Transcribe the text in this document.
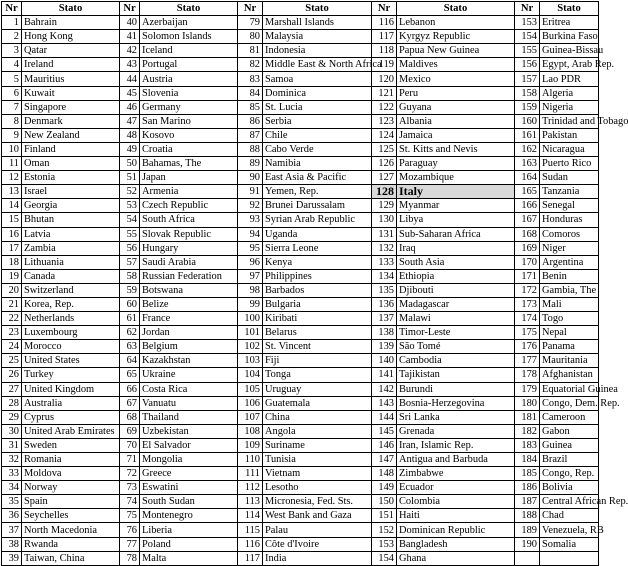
Nr	Stato	Nr	Stato	Nr	Stato	Nr	Stato	Nr	Stato
1	Bahrain	40	Azerbaijan	79	Marshall Islands	116	Lebanon	153	Eritrea
2	Hong Kong	41	Solomon Islands	80	Malaysia	117	Kyrgyz Republic	154	Burkina Faso
3	Qatar	42	Iceland	81	Indonesia	118	Papua New Guinea	155	Guinea-Bissau
4	Ireland	43	Portugal	82	Middle East & North Africa	119	Maldives	156	Egypt, Arab Rep.
5	Mauritius	44	Austria	83	Samoa	120	Mexico	157	Lao PDR
6	Kuwait	45	Slovenia	84	Dominica	121	Peru	158	Algeria
7	Singapore	46	Germany	85	St. Lucia	122	Guyana	159	Nigeria
8	Denmark	47	San Marino	86	Serbia	123	Albania	160	Trinidad and Tobago
9	New Zealand	48	Kosovo	87	Chile	124	Jamaica	161	Pakistan
10	Finland	49	Croatia	88	Cabo Verde	125	St. Kitts and Nevis	162	Nicaragua
11	Oman	50	Bahamas, The	89	Namibia	126	Paraguay	163	Puerto Rico
12	Estonia	51	Japan	90	East Asia & Pacific	127	Mozambique	164	Sudan
13	Israel	52	Armenia	91	Yemen, Rep.	128	Italy	165	Tanzania
14	Georgia	53	Czech Republic	92	Brunei Darussalam	129	Myanmar	166	Senegal
15	Bhutan	54	South Africa	93	Syrian Arab Republic	130	Libya	167	Honduras
16	Latvia	55	Slovak Republic	94	Uganda	131	Sub-Saharan Africa	168	Comoros
17	Zambia	56	Hungary	95	Sierra Leone	132	Iraq	169	Niger
18	Lithuania	57	Saudi Arabia	96	Kenya	133	South Asia	170	Argentina
19	Canada	58	Russian Federation	97	Philippines	134	Ethiopia	171	Benin
20	Switzerland	59	Botswana	98	Barbados	135	Djibouti	172	Gambia, The
21	Korea, Rep.	60	Belize	99	Bulgaria	136	Madagascar	173	Mali
22	Netherlands	61	France	100	Kiribati	137	Malawi	174	Togo
23	Luxembourg	62	Jordan	101	Belarus	138	Timor-Leste	175	Nepal
24	Morocco	63	Belgium	102	St. Vincent	139	São Tomé	176	Panama
25	United States	64	Kazakhstan	103	Fiji	140	Cambodia	177	Mauritania
26	Turkey	65	Ukraine	104	Tonga	141	Tajikistan	178	Afghanistan
27	United Kingdom	66	Costa Rica	105	Uruguay	142	Burundi	179	Equatorial Guinea
28	Australia	67	Vanuatu	106	Guatemala	143	Bosnia-Herzegovina	180	Congo, Dem. Rep.
29	Cyprus	68	Thailand	107	China	144	Sri Lanka	181	Cameroon
30	United Arab Emirates	69	Uzbekistan	108	Angola	145	Grenada	182	Gabon
31	Sweden	70	El Salvador	109	Suriname	146	Iran, Islamic Rep.	183	Guinea
32	Romania	71	Mongolia	110	Tunisia	147	Antigua and Barbuda	184	Brazil
33	Moldova	72	Greece	111	Vietnam	148	Zimbabwe	185	Congo, Rep.
34	Norway	73	Eswatini	112	Lesotho	149	Ecuador	186	Bolivia
35	Spain	74	South Sudan	113	Micronesia, Fed. Sts.	150	Colombia	187	Central African Rep.
36	Seychelles	75	Montenegro	114	West Bank and Gaza	151	Haiti	188	Chad
37	North Macedonia	76	Liberia	115	Palau	152	Dominican Republic	189	Venezuela, RB
38	Rwanda	77	Poland	116	Côte d'Ivoire	153	Bangladesh	190	Somalia
39	Taiwan, China	78	Malta	117	India	154	Ghana		
